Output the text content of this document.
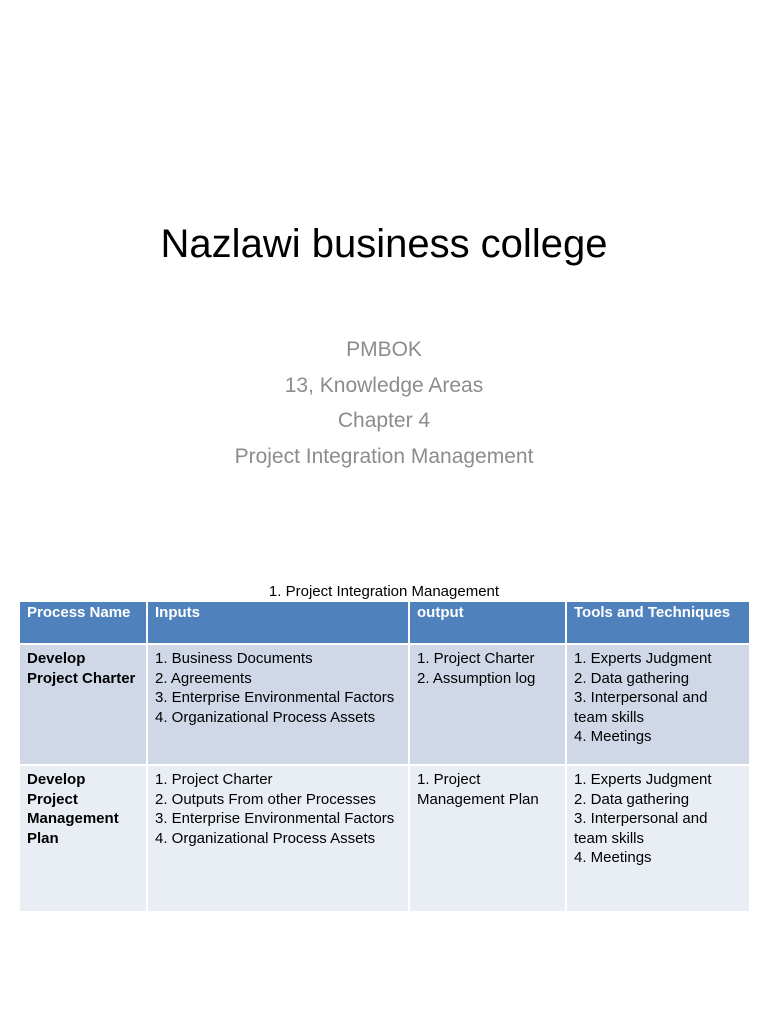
Nazlawi business college
PMBOK
13, Knowledge Areas
Chapter 4
Project Integration Management
1. Project Integration Management
Process Name	Inputs	output	Tools and Techniques
Develop Project Charter	1. Business Documents
2. Agreements
3. Enterprise Environmental Factors
4. Organizational Process Assets	1. Project Charter
2. Assumption log	1. Experts Judgment
2. Data gathering
3. Interpersonal and team skills
4. Meetings

Develop Project Management Plan	1. Project Charter
2. Outputs From other Processes
3. Enterprise Environmental Factors
4. Organizational Process Assets	1. Project Management Plan	1. Experts Judgment
2. Data gathering
3. Interpersonal and team skills
4. Meetings
